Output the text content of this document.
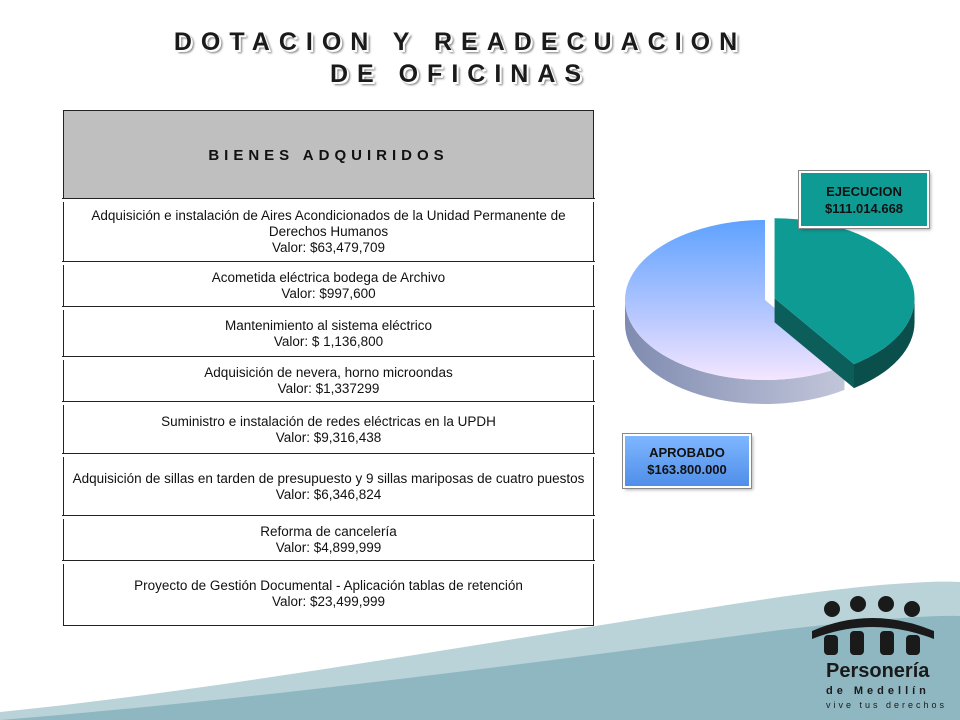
DOTACION Y READECUACION
DE OFICINAS
BIENES ADQUIRIDOS
Adquisición e instalación de Aires Acondicionados de la Unidad Permanente de Derechos Humanos
Valor: $63,479,709
Acometida eléctrica bodega de Archivo
Valor: $997,600
Mantenimiento al sistema eléctrico
Valor: $ 1,136,800
Adquisición de nevera, horno microondas
Valor: $1,337299
Suministro e instalación de redes eléctricas en la UPDH
Valor: $9,316,438
Adquisición de sillas en tarden de presupuesto y 9 sillas mariposas de cuatro puestos
Valor: $6,346,824
Reforma de cancelería
Valor: $4,899,999
Proyecto de Gestión Documental - Aplicación tablas de retención
Valor: $23,499,999
EJECUCION
$111.014.668
APROBADO
$163.800.000
Personería
de Medellín
vive tus derechos
